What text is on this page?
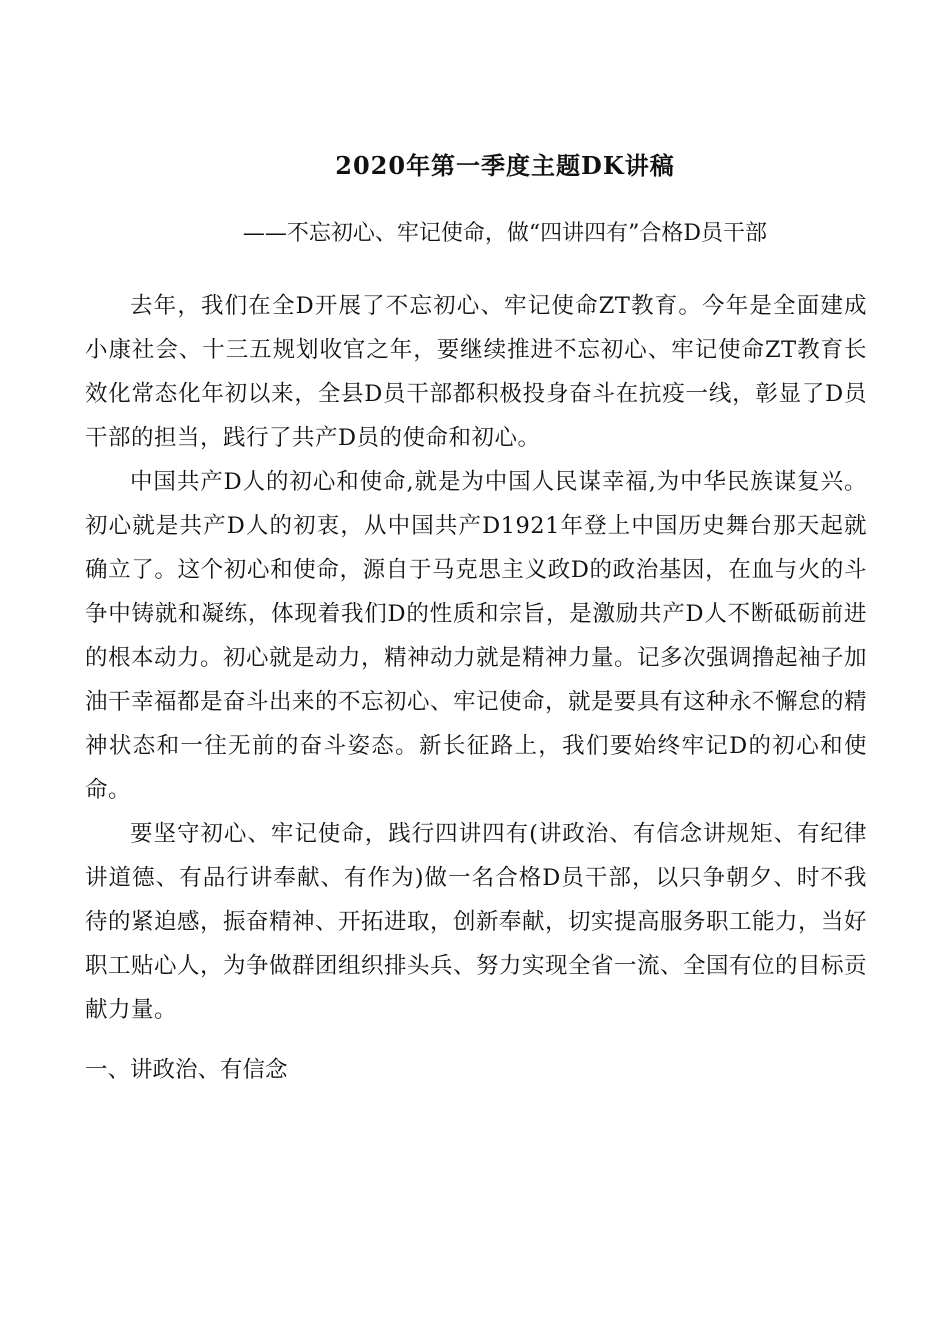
2020年第一季度主题DK讲稿

——不忘初心、牢记使命，做“四讲四有”合格D员干部

去年，我们在全D开展了不忘初心、牢记使命ZT教育。今年是全面建成小康社会、十三五规划收官之年，要继续推进不忘初心、牢记使命ZT教育长效化常态化年初以来，全县D员干部都积极投身奋斗在抗疫一线，彰显了D员干部的担当，践行了共产D员的使命和初心。

中国共产D人的初心和使命,就是为中国人民谋幸福,为中华民族谋复兴。初心就是共产D人的初衷，从中国共产D1921年登上中国历史舞台那天起就确立了。这个初心和使命，源自于马克思主义政D的政治基因，在血与火的斗争中铸就和凝练，体现着我们D的性质和宗旨，是激励共产D人不断砥砺前进的根本动力。初心就是动力，精神动力就是精神力量。记多次强调撸起袖子加油干幸福都是奋斗出来的不忘初心、牢记使命，就是要具有这种永不懈怠的精神状态和一往无前的奋斗姿态。新长征路上，我们要始终牢记D的初心和使命。

要坚守初心、牢记使命，践行四讲四有(讲政治、有信念讲规矩、有纪律讲道德、有品行讲奉献、有作为)做一名合格D员干部，以只争朝夕、时不我待的紧迫感，振奋精神、开拓进取，创新奉献，切实提高服务职工能力，当好职工贴心人，为争做群团组织排头兵、努力实现全省一流、全国有位的目标贡献力量。

一、讲政治、有信念
